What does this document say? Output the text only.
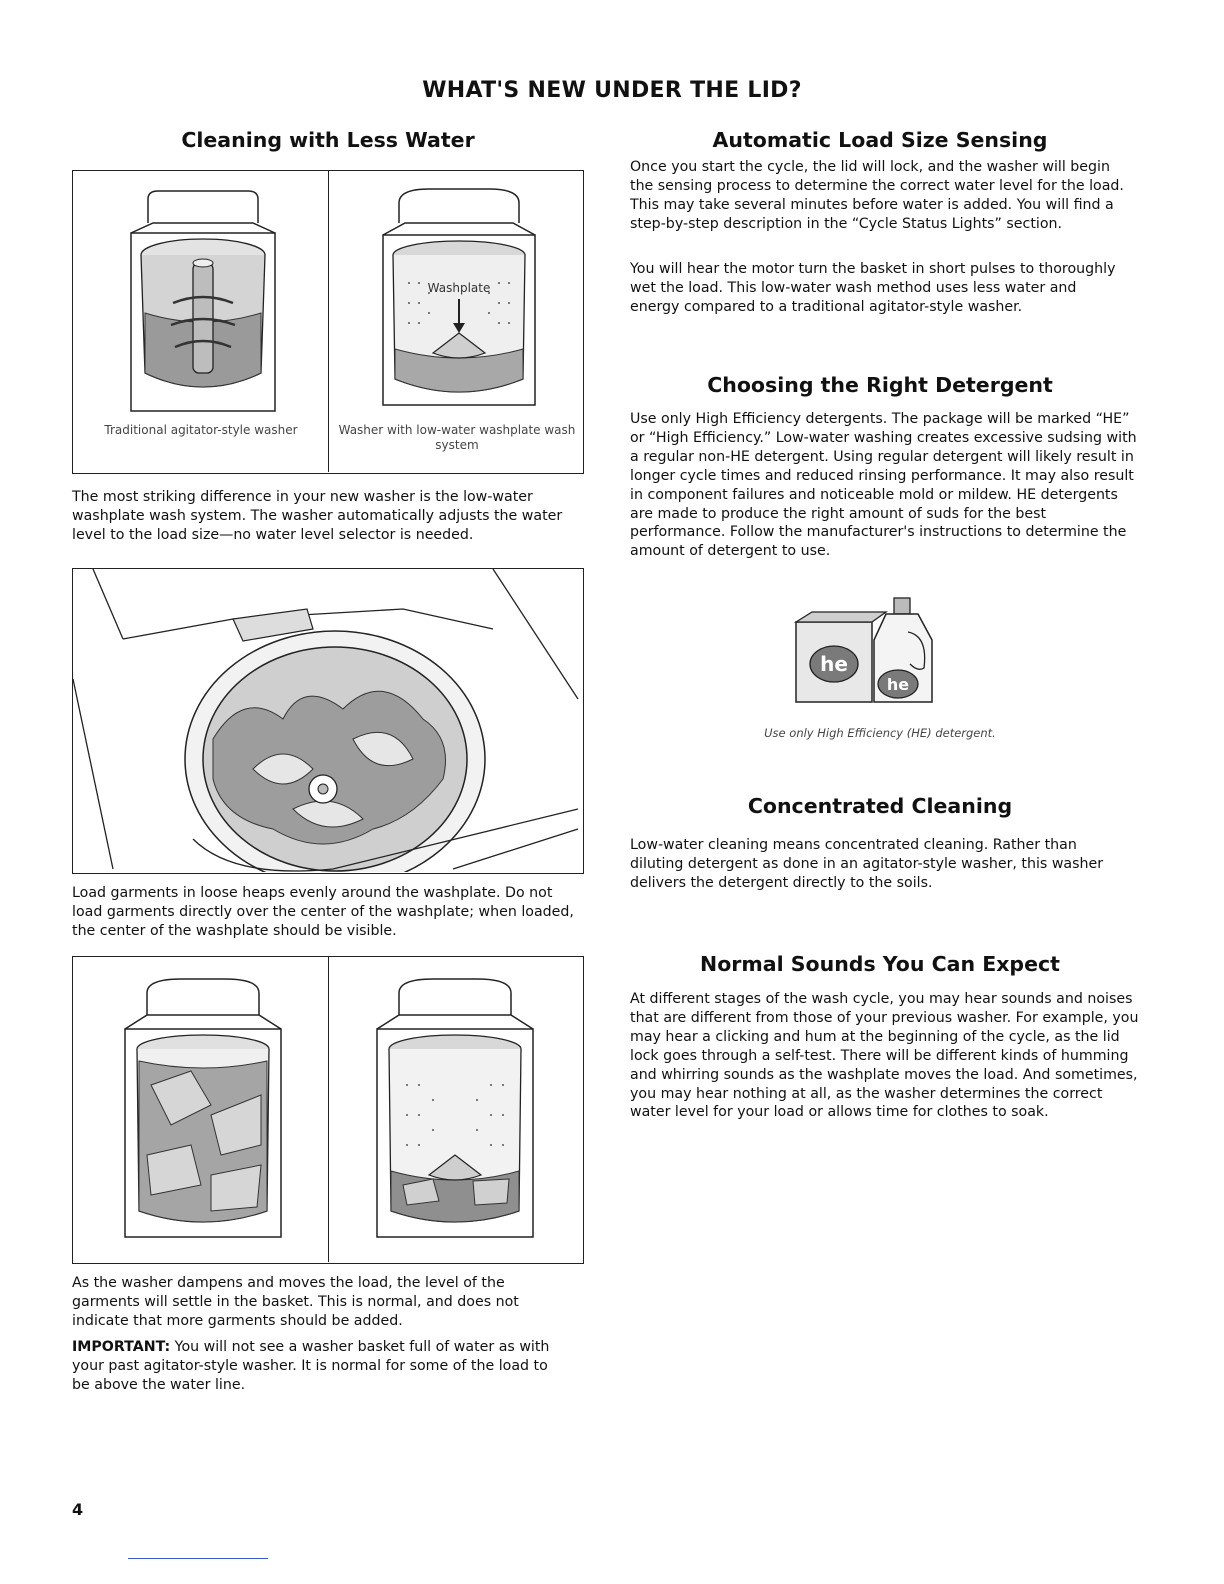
WHAT'S NEW UNDER THE LID?
Cleaning with Less Water
Traditional agitator-style washer
Washplate
Washer with low-water washplate wash system

The most striking difference in your new washer is the low-water washplate wash system. The washer automatically adjusts the water level to the load size—no water level selector is needed.

Load garments in loose heaps evenly around the washplate. Do not load garments directly over the center of the washplate; when loaded, the center of the washplate should be visible.

As the washer dampens and moves the load, the level of the garments will settle in the basket. This is normal, and does not indicate that more garments should be added.

IMPORTANT: You will not see a washer basket full of water as with your past agitator-style washer. It is normal for some of the load to be above the water line.

Automatic Load Size Sensing

Once you start the cycle, the lid will lock, and the washer will begin the sensing process to determine the correct water level for the load. This may take several minutes before water is added. You will find a step-by-step description in the “Cycle Status Lights” section.

You will hear the motor turn the basket in short pulses to thoroughly wet the load. This low-water wash method uses less water and energy compared to a traditional agitator-style washer.

Choosing the Right Detergent

Use only High Efficiency detergents. The package will be marked “HE” or “High Efficiency.” Low-water washing creates excessive sudsing with a regular non-HE detergent. Using regular detergent will likely result in longer cycle times and reduced rinsing performance. It may also result in component failures and noticeable mold or mildew. HE detergents are made to produce the right amount of suds for the best performance. Follow the manufacturer's instructions to determine the amount of detergent to use.

he
he
Use only High Efficiency (HE) detergent.
Concentrated Cleaning

Low-water cleaning means concentrated cleaning. Rather than diluting detergent as done in an agitator-style washer, this washer delivers the detergent directly to the soils.

Normal Sounds You Can Expect

At different stages of the wash cycle, you may hear sounds and noises that are different from those of your previous washer. For example, you may hear a clicking and hum at the beginning of the cycle, as the lid lock goes through a self-test. There will be different kinds of humming and whirring sounds as the washplate moves the load. And sometimes, you may hear nothing at all, as the washer determines the correct water level for your load or allows time for clothes to soak.

4
